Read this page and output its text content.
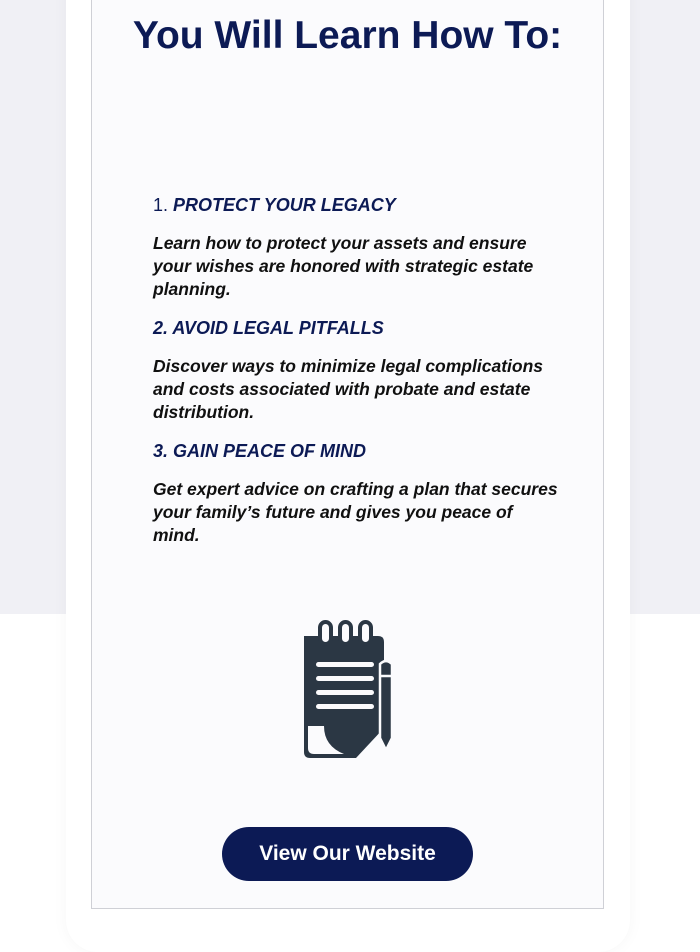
You Will Learn How To:

1. PROTECT YOUR LEGACY

Learn how to protect your assets and ensure your wishes are honored with strategic estate planning.

2. AVOID LEGAL PITFALLS

Discover ways to minimize legal complications and costs associated with probate and estate distribution.

3. GAIN PEACE OF MIND

Get expert advice on crafting a plan that secures your family’s future and gives you peace of mind.

View Our Website
